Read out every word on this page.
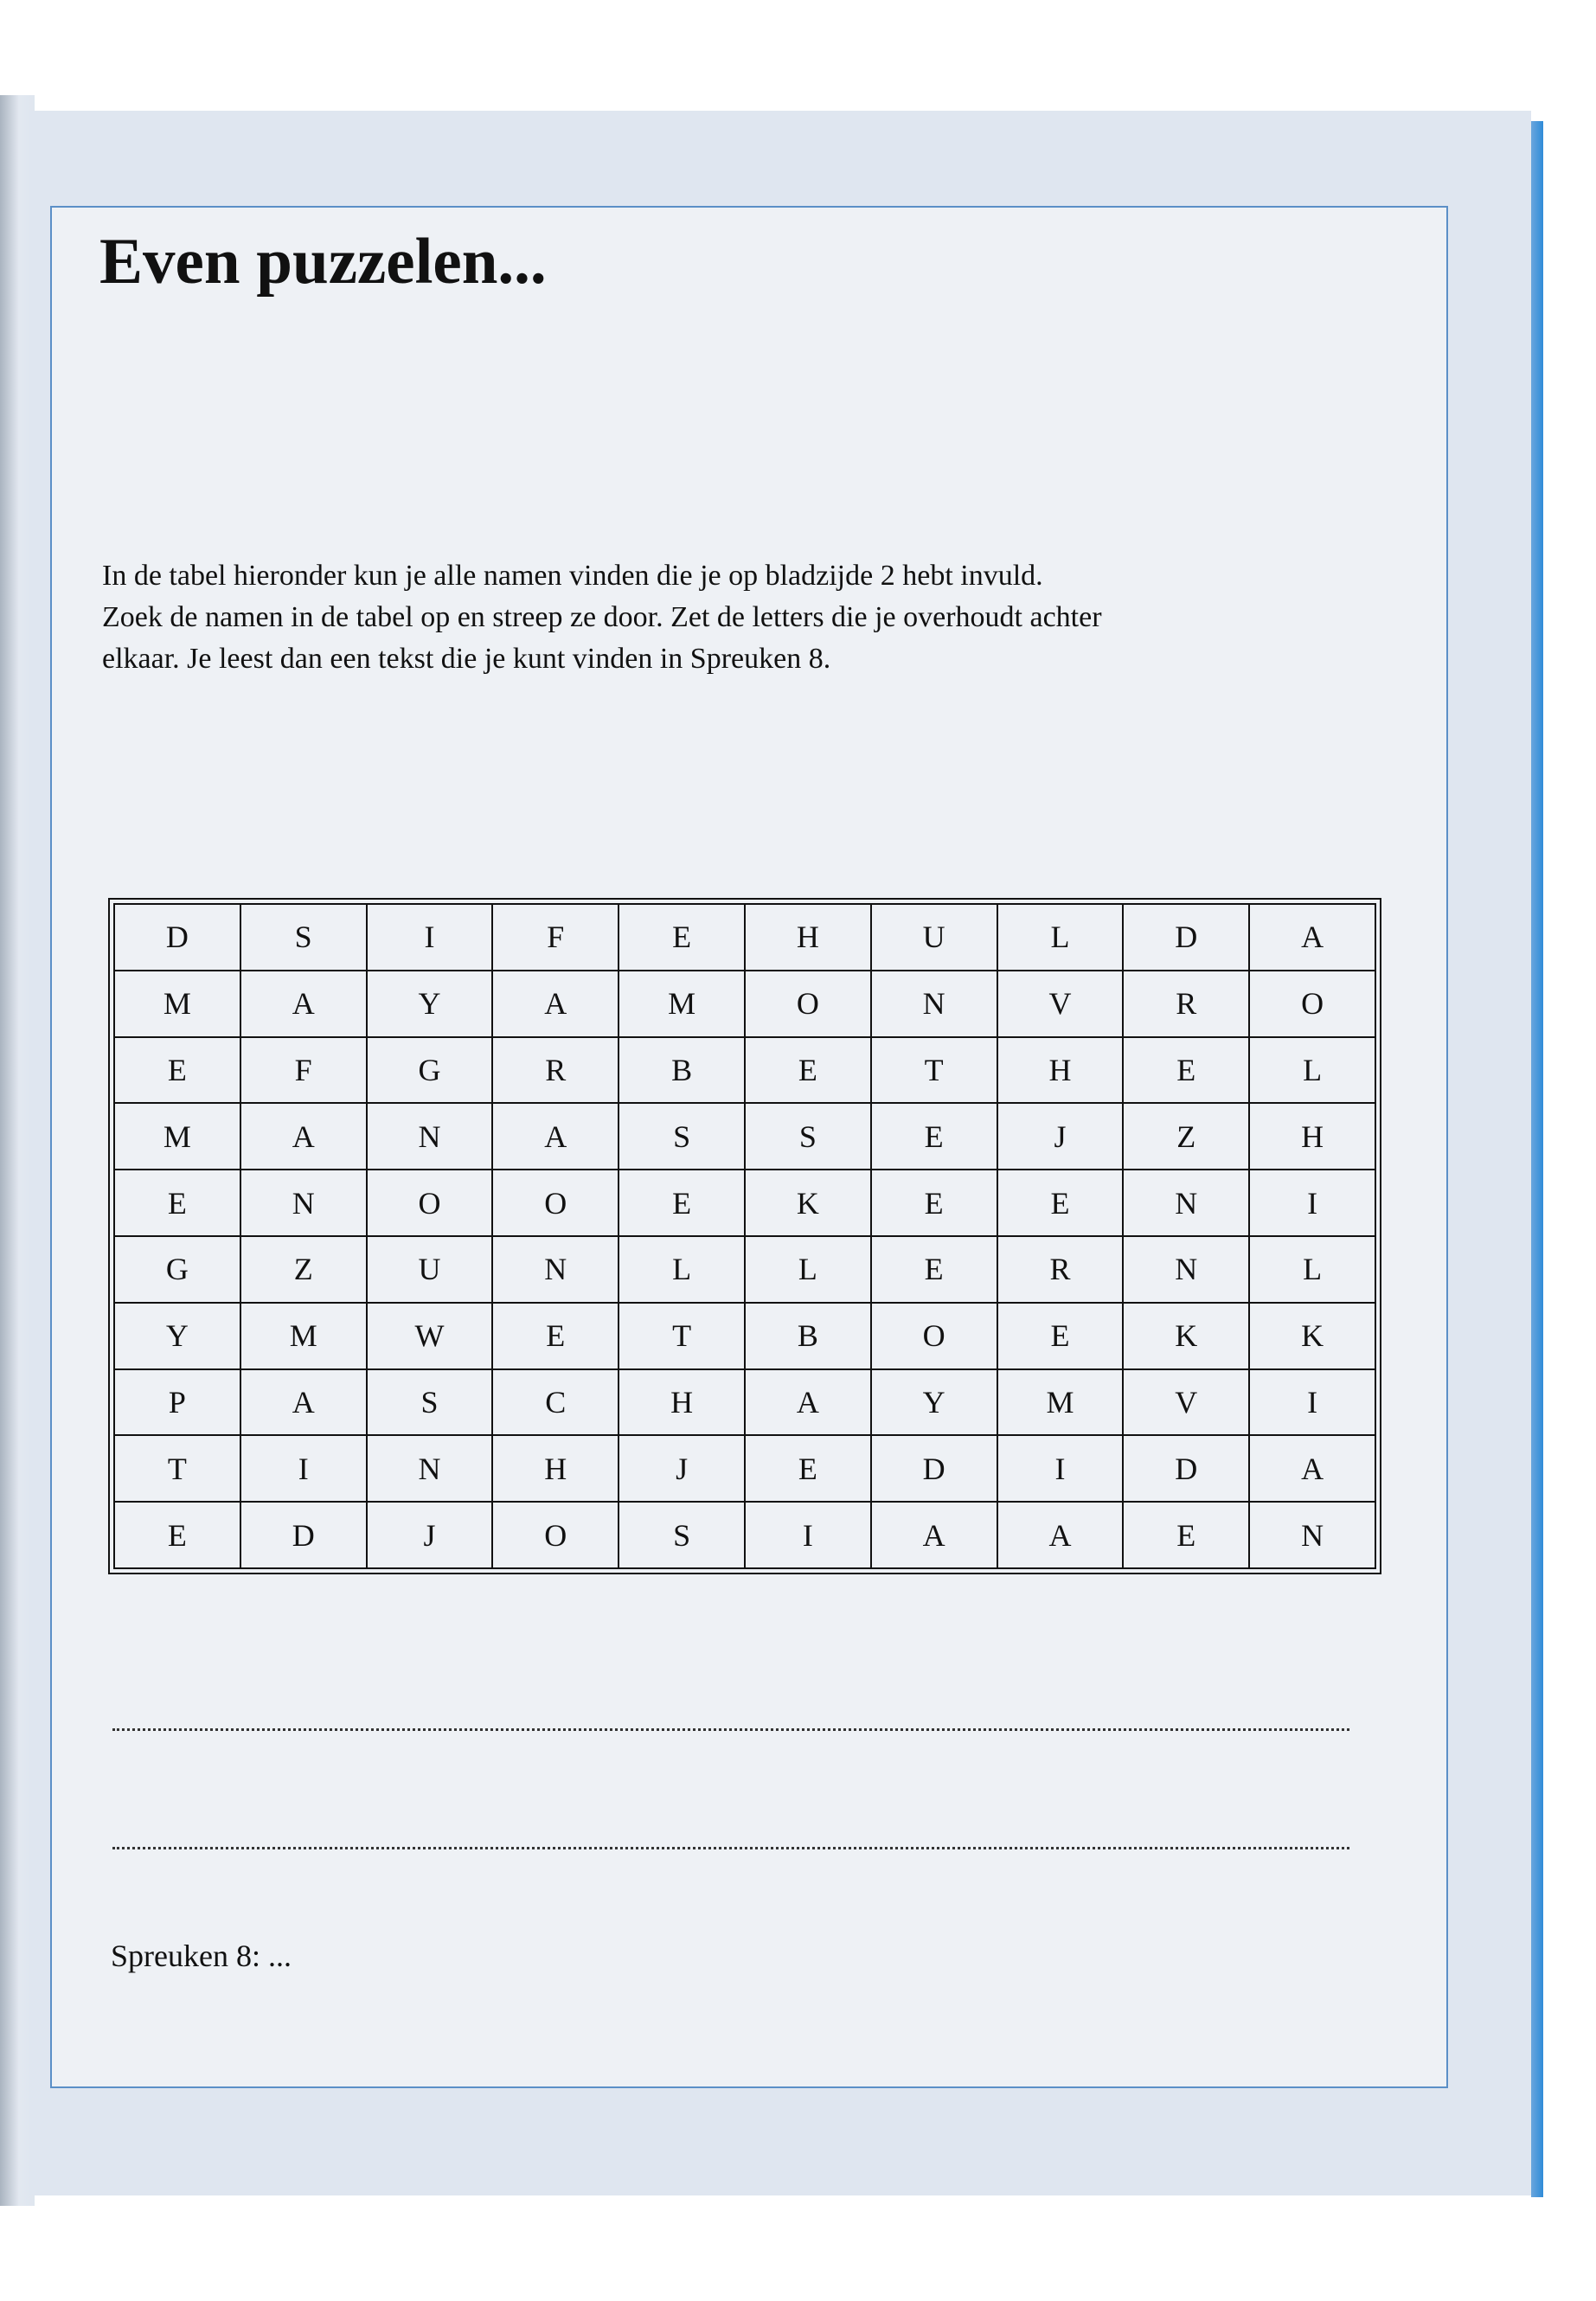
Even puzzelen...

In de tabel hieronder kun je alle namen vinden die je op bladzijde 2 hebt invuld.
Zoek de namen in de tabel op en streep ze door. Zet de letters die je overhoudt achter
elkaar. Je leest dan een tekst die je kunt vinden in Spreuken 8.

D	S	I	F	E	H	U	L	D	A
M	A	Y	A	M	O	N	V	R	O
E	F	G	R	B	E	T	H	E	L
M	A	N	A	S	S	E	J	Z	H
E	N	O	O	E	K	E	E	N	I
G	Z	U	N	L	L	E	R	N	L
Y	M	W	E	T	B	O	E	K	K
P	A	S	C	H	A	Y	M	V	I
T	I	N	H	J	E	D	I	D	A
E	D	J	O	S	I	A	A	E	N

Spreuken 8: ...
